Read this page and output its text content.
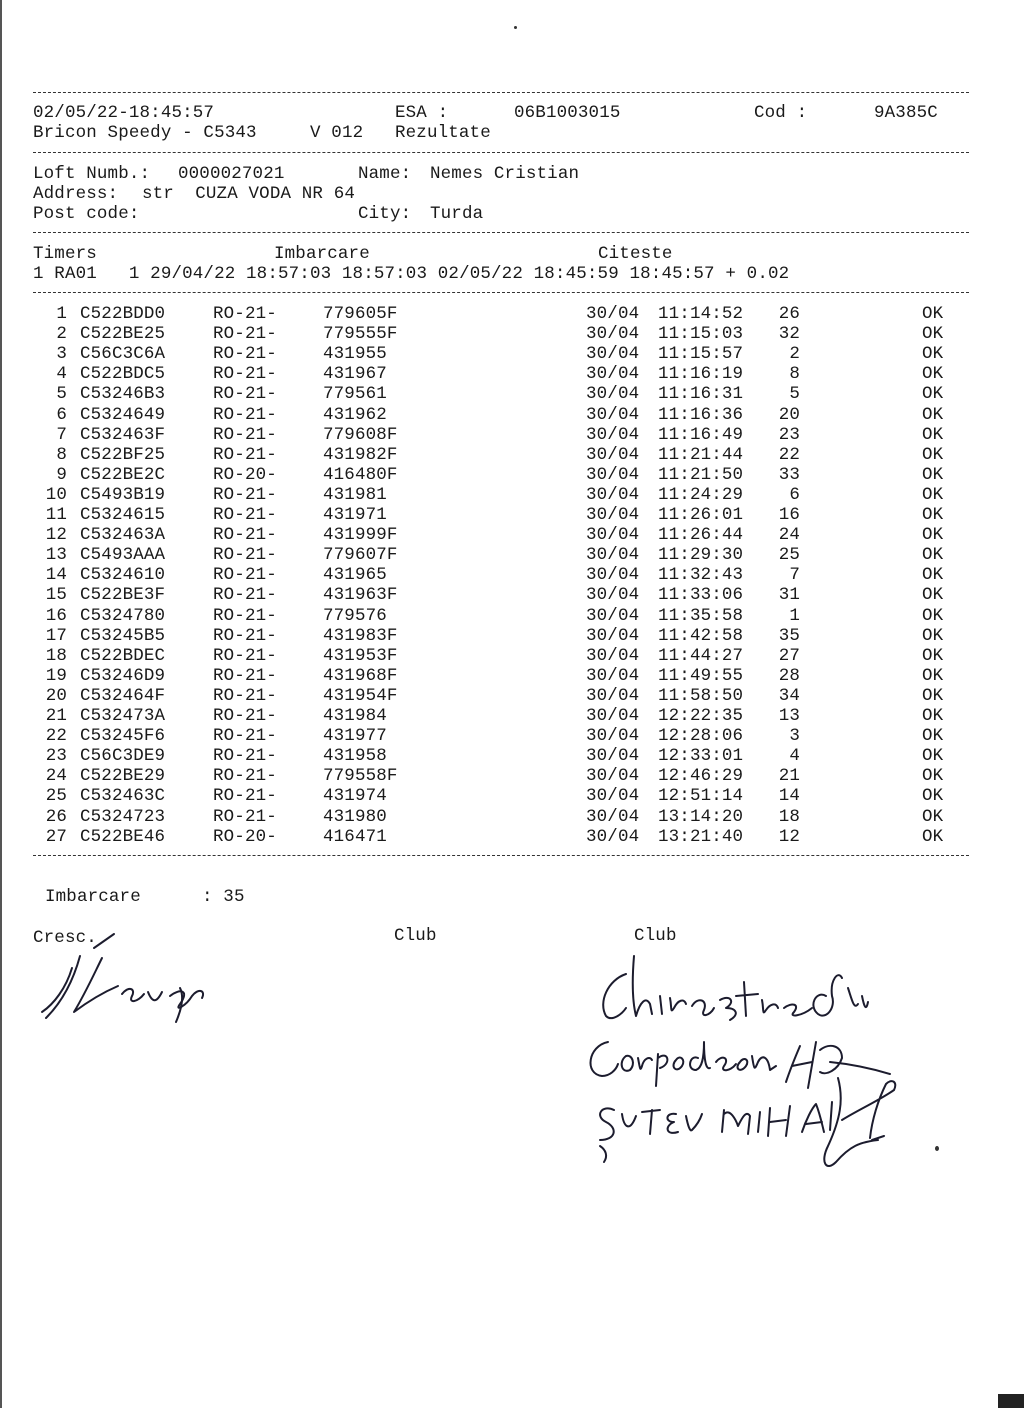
02/05/22-18:45:57	ESA :	06B1003015	Cod :	9A385C
Bricon Speedy - C5343	V 012 Rezultate
Loft Numb.: 0000027021	Name: Nemes Cristian
Address: str  CUZA VODA NR 64
Post code:	City: Turda
Timers	Imbarcare	Citeste
1 RA01   1 29/04/22 18:57:03 18:57:03 02/05/22 18:45:59 18:45:57 + 0.02
1 C522BDD0	RO-21-	779605F	30/04 11:14:52	26	OK
2 C522BE25	RO-21-	779555F	30/04 11:15:03	32	OK
3 C56C3C6A	RO-21-	431955	30/04 11:15:57	2	OK
4 C522BDC5	RO-21-	431967	30/04 11:16:19	8	OK
5 C53246B3	RO-21-	779561	30/04 11:16:31	5	OK
6 C5324649	RO-21-	431962	30/04 11:16:36	20	OK
7 C532463F	RO-21-	779608F	30/04 11:16:49	23	OK
8 C522BF25	RO-21-	431982F	30/04 11:21:44	22	OK
9 C522BE2C	RO-20-	416480F	30/04 11:21:50	33	OK
10 C5493B19	RO-21-	431981	30/04 11:24:29	6	OK
11 C5324615	RO-21-	431971	30/04 11:26:01	16	OK
12 C532463A	RO-21-	431999F	30/04 11:26:44	24	OK
13 C5493AAA	RO-21-	779607F	30/04 11:29:30	25	OK
14 C5324610	RO-21-	431965	30/04 11:32:43	7	OK
15 C522BE3F	RO-21-	431963F	30/04 11:33:06	31	OK
16 C5324780	RO-21-	779576	30/04 11:35:58	1	OK
17 C53245B5	RO-21-	431983F	30/04 11:42:58	35	OK
18 C522BDEC	RO-21-	431953F	30/04 11:44:27	27	OK
19 C53246D9	RO-21-	431968F	30/04 11:49:55	28	OK
20 C532464F	RO-21-	431954F	30/04 11:58:50	34	OK
21 C532473A	RO-21-	431984	30/04 12:22:35	13	OK
22 C53245F6	RO-21-	431977	30/04 12:28:06	3	OK
23 C56C3DE9	RO-21-	431958	30/04 12:33:01	4	OK
24 C522BE29	RO-21-	779558F	30/04 12:46:29	21	OK
25 C532463C	RO-21-	431974	30/04 12:51:14	14	OK
26 C5324723	RO-21-	431980	30/04 13:14:20	18	OK
27 C522BE46	RO-20-	416471	30/04 13:21:40	12	OK
Imbarcare	: 35
Cresc.	Club	Club
